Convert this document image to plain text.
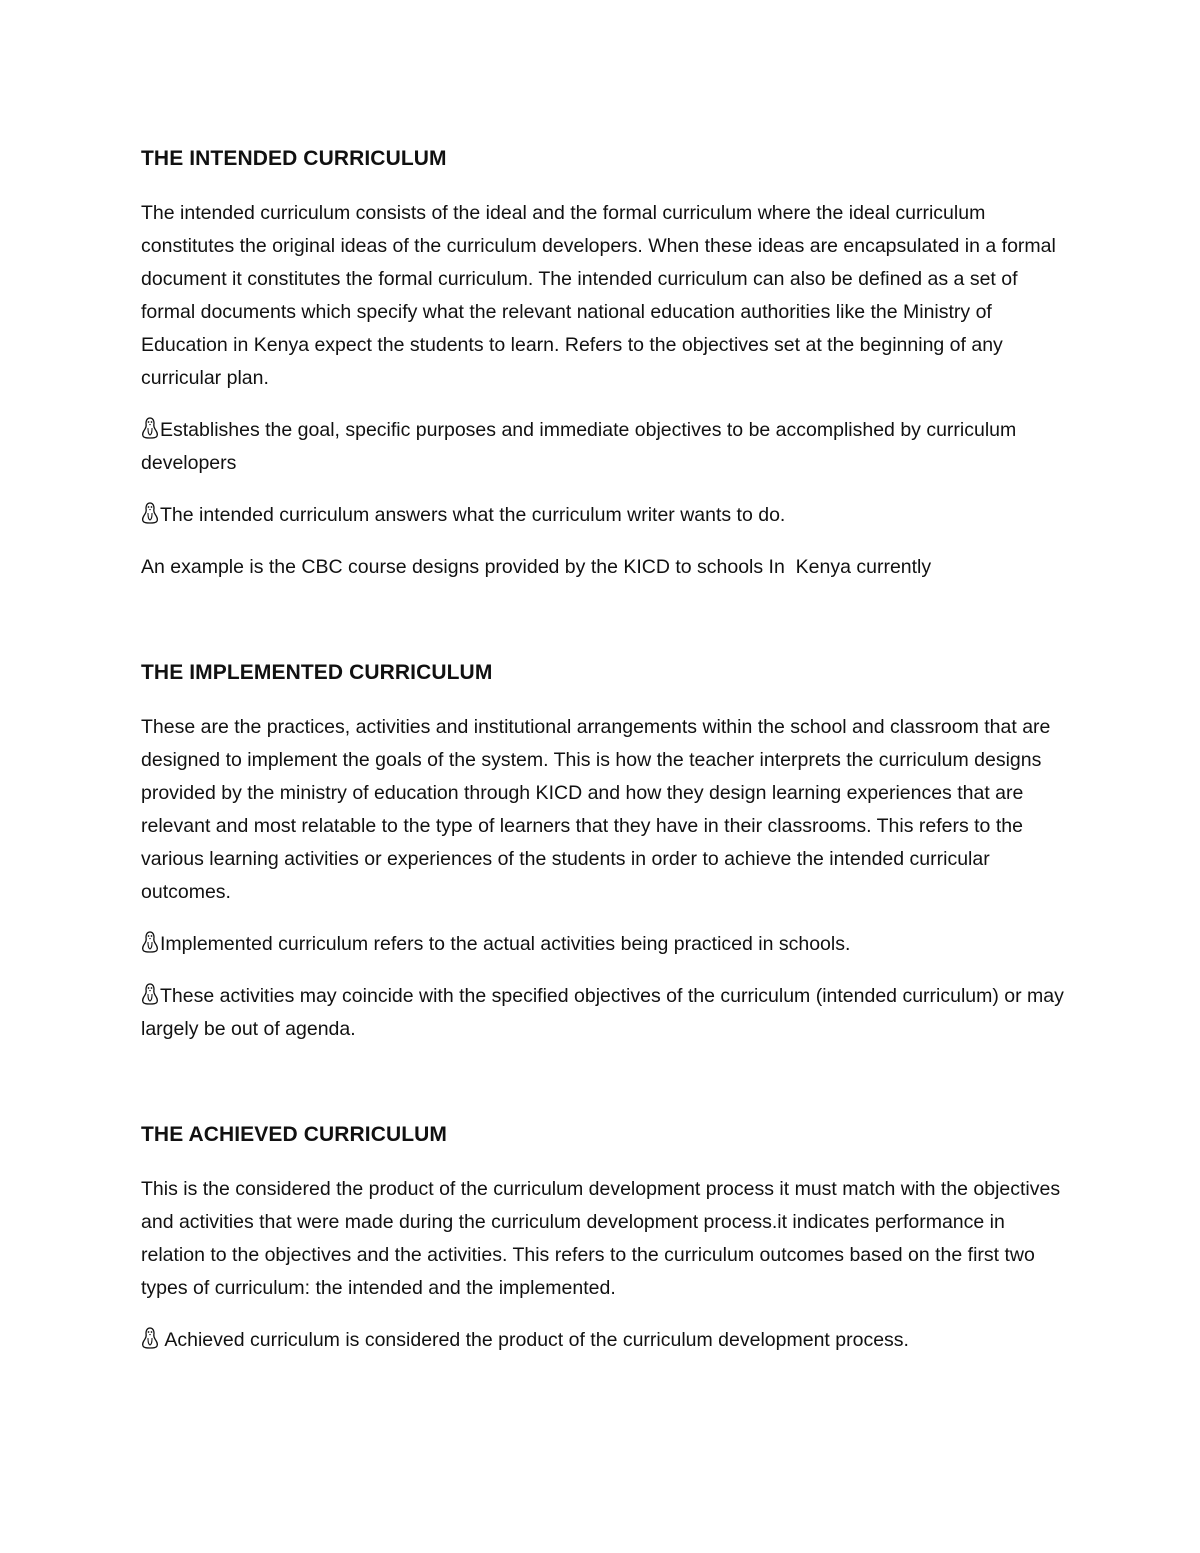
THE INTENDED CURRICULUM
The intended curriculum consists of the ideal and the formal curriculum where the ideal curriculum constitutes the original ideas of the curriculum developers. When these ideas are encapsulated in a formal document it constitutes the formal curriculum. The intended curriculum can also be defined as a set of formal documents which specify what the relevant national education authorities like the Ministry of Education in Kenya expect the students to learn. Refers to the objectives set at the beginning of any curricular plan.
Establishes the goal, specific purposes and immediate objectives to be accomplished by curriculum developers
The intended curriculum answers what the curriculum writer wants to do.
An example is the CBC course designs provided by the KICD to schools In  Kenya currently
THE IMPLEMENTED CURRICULUM
These are the practices, activities and institutional arrangements within the school and classroom that are designed to implement the goals of the system. This is how the teacher interprets the curriculum designs provided by the ministry of education through KICD and how they design learning experiences that are relevant and most relatable to the type of learners that they have in their classrooms. This refers to the various learning activities or experiences of the students in order to achieve the intended curricular outcomes.
Implemented curriculum refers to the actual activities being practiced in schools.
These activities may coincide with the specified objectives of the curriculum (intended curriculum) or may largely be out of agenda.
THE ACHIEVED CURRICULUM
This is the considered the product of the curriculum development process it must match with the objectives and activities that were made during the curriculum development process.it indicates performance in relation to the objectives and the activities. This refers to the curriculum outcomes based on the first two types of curriculum: the intended and the implemented.
Achieved curriculum is considered the product of the curriculum development process.
